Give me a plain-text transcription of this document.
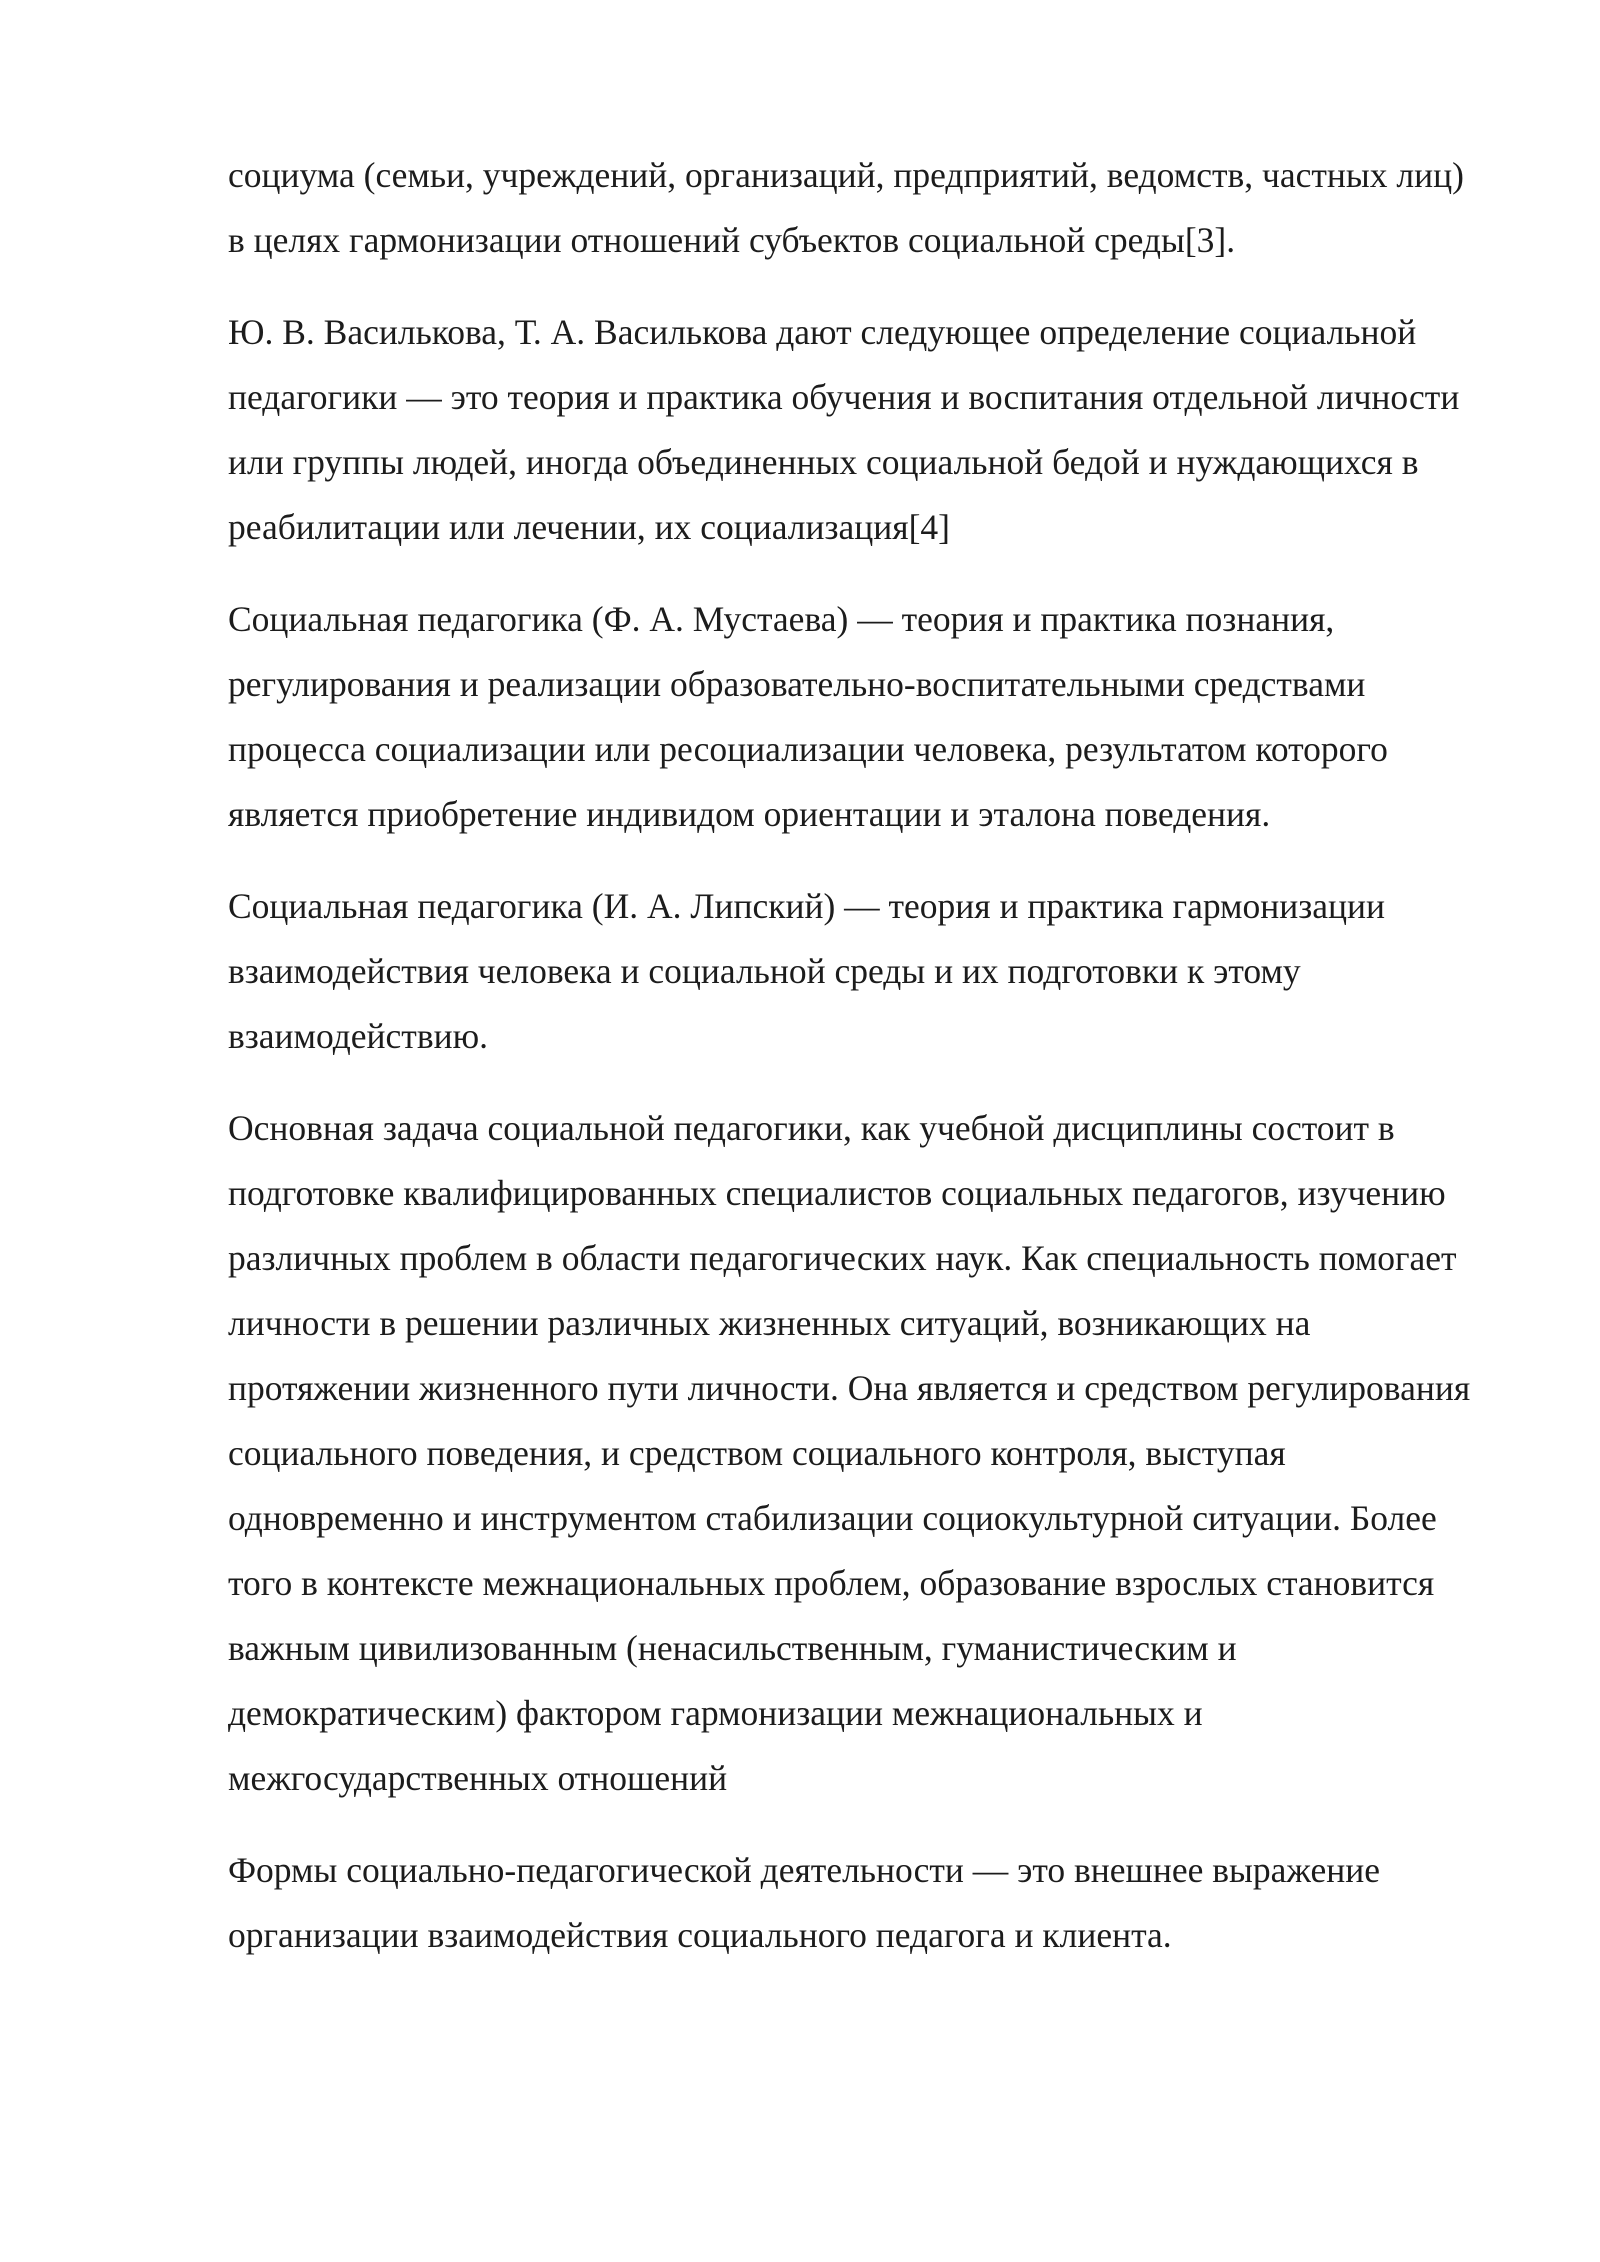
социума (семьи, учреждений, организаций, предприятий, ведомств, частных лиц) в целях гармонизации отношений субъектов социальной среды[3].

Ю. В. Василькова, Т. А. Василькова дают следующее определение социальной педагогики — это теория и практика обучения и воспитания отдельной личности или группы людей, иногда объединенных социальной бедой и нуждающихся в реабилитации или лечении, их социализация[4]

Социальная педагогика (Ф. А. Мустаева) — теория и практика познания, регулирования и реализации образовательно-воспитательными средствами процесса социализации или ресоциализации человека, результатом которого является приобретение индивидом ориентации и эталона поведения.

Социальная педагогика (И. А. Липский) — теория и практика гармонизации взаимодействия человека и социальной среды и их подготовки к этому взаимодействию.

Основная задача социальной педагогики, как учебной дисциплины состоит в подготовке квалифицированных специалистов социальных педагогов, изучению различных проблем в области педагогических наук. Как специальность помогает личности в решении различных жизненных ситуаций, возникающих на протяжении жизненного пути личности. Она является и средством регулирования социального поведения, и средством социального контроля, выступая одновременно и инструментом стабилизации социокультурной ситуации. Более того в контексте межнациональных проблем, образование взрослых становится важным цивилизованным (ненасильственным, гуманистическим и демократическим) фактором гармонизации межнациональных и межгосударственных отношений

Формы социально-педагогической деятельности — это внешнее выражение организации взаимодействия социального педагога и клиента.
